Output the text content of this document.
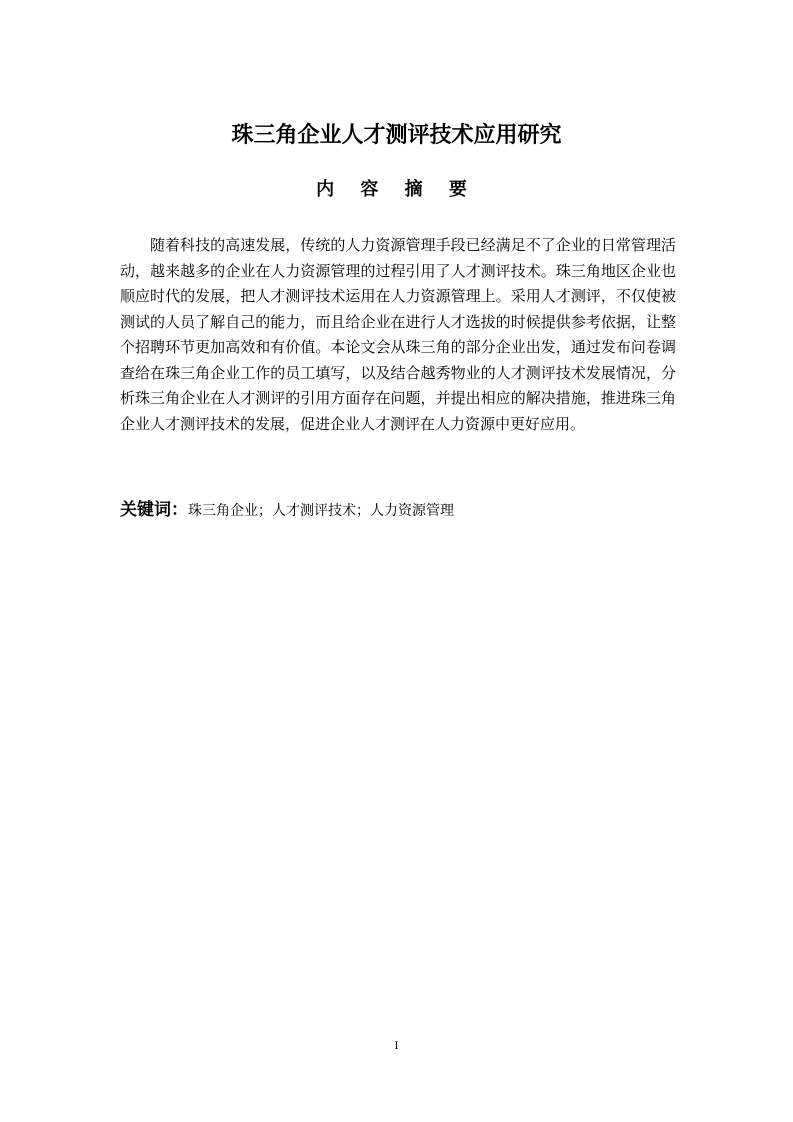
珠三角企业人才测评技术应用研究
内 容 摘 要

随着科技的高速发展，传统的人力资源管理手段已经满足不了企业的日常管理活动，越来越多的企业在人力资源管理的过程引用了人才测评技术。珠三角地区企业也顺应时代的发展，把人才测评技术运用在人力资源管理上。采用人才测评，不仅使被测试的人员了解自己的能力，而且给企业在进行人才选拔的时候提供参考依据，让整个招聘环节更加高效和有价值。本论文会从珠三角的部分企业出发，通过发布问卷调查给在珠三角企业工作的员工填写，以及结合越秀物业的人才测评技术发展情况，分析珠三角企业在人才测评的引用方面存在问题，并提出相应的解决措施，推进珠三角企业人才测评技术的发展，促进企业人才测评在人力资源中更好应用。

关键词：珠三角企业；人才测评技术；人力资源管理

I
